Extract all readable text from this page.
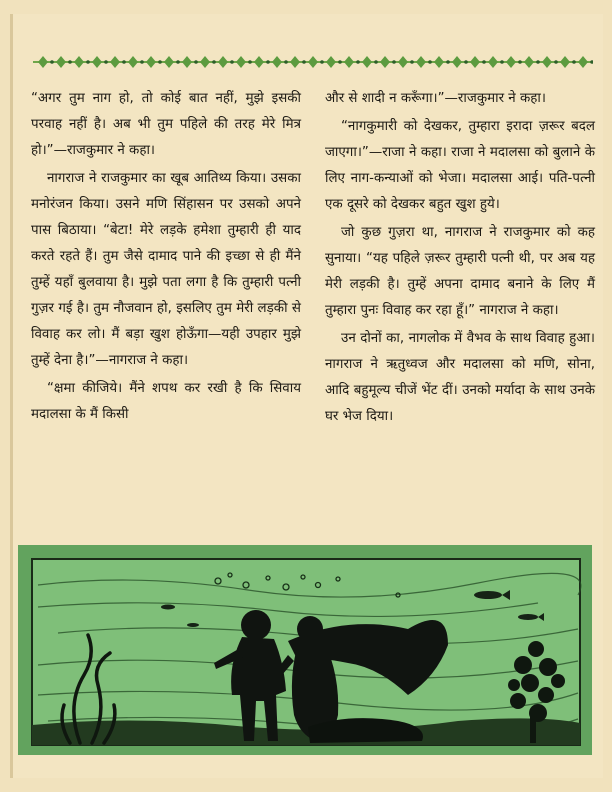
“अगर तुम नाग हो, तो कोई बात नहीं, मुझे इसकी परवाह नहीं है। अब भी तुम पहिले की तरह मेरे मित्र हो।”—राजकुमार ने कहा।

नागराज ने राजकुमार का खूब आतिथ्य किया। उसका मनोरंजन किया। उसने मणि सिंहासन पर उसको अपने पास बिठाया। “बेटा! मेरे लड़के हमेशा तुम्हारी ही याद करते रहते हैं। तुम जैसे दामाद पाने की इच्छा से ही मैंने तुम्हें यहाँ बुलवाया है। मुझे पता लगा है कि तुम्हारी पत्नी गुज़र गई है। तुम नौजवान हो, इसलिए तुम मेरी लड़की से विवाह कर लो। मैं बड़ा खुश होऊँगा—यही उपहार मुझे तुम्हें देना है।”—नागराज ने कहा।

“क्षमा कीजिये। मैंने शपथ कर रखी है कि सिवाय मदालसा के मैं किसी

और से शादी न करूँगा।”—राजकुमार ने कहा।

“नागकुमारी को देखकर, तुम्हारा इरादा ज़रूर बदल जाएगा।”—राजा ने कहा। राजा ने मदालसा को बुलाने के लिए नाग-कन्याओं को भेजा। मदालसा आई। पति-पत्नी एक दूसरे को देखकर बहुत खुश हुये।

जो कुछ गुज़रा था, नागराज ने राजकुमार को कह सुनाया। “यह पहिले ज़रूर तुम्हारी पत्नी थी, पर अब यह मेरी लड़की है। तुम्हें अपना दामाद बनाने के लिए मैं तुम्हारा पुनः विवाह कर रहा हूँ।” नागराज ने कहा।

उन दोनों का, नागलोक में वैभव के साथ विवाह हुआ। नागराज ने ऋतुध्वज और मदालसा को मणि, सोना, आदि बहुमूल्य चीजें भेंट दीं। उनको मर्यादा के साथ उनके घर भेज दिया।
